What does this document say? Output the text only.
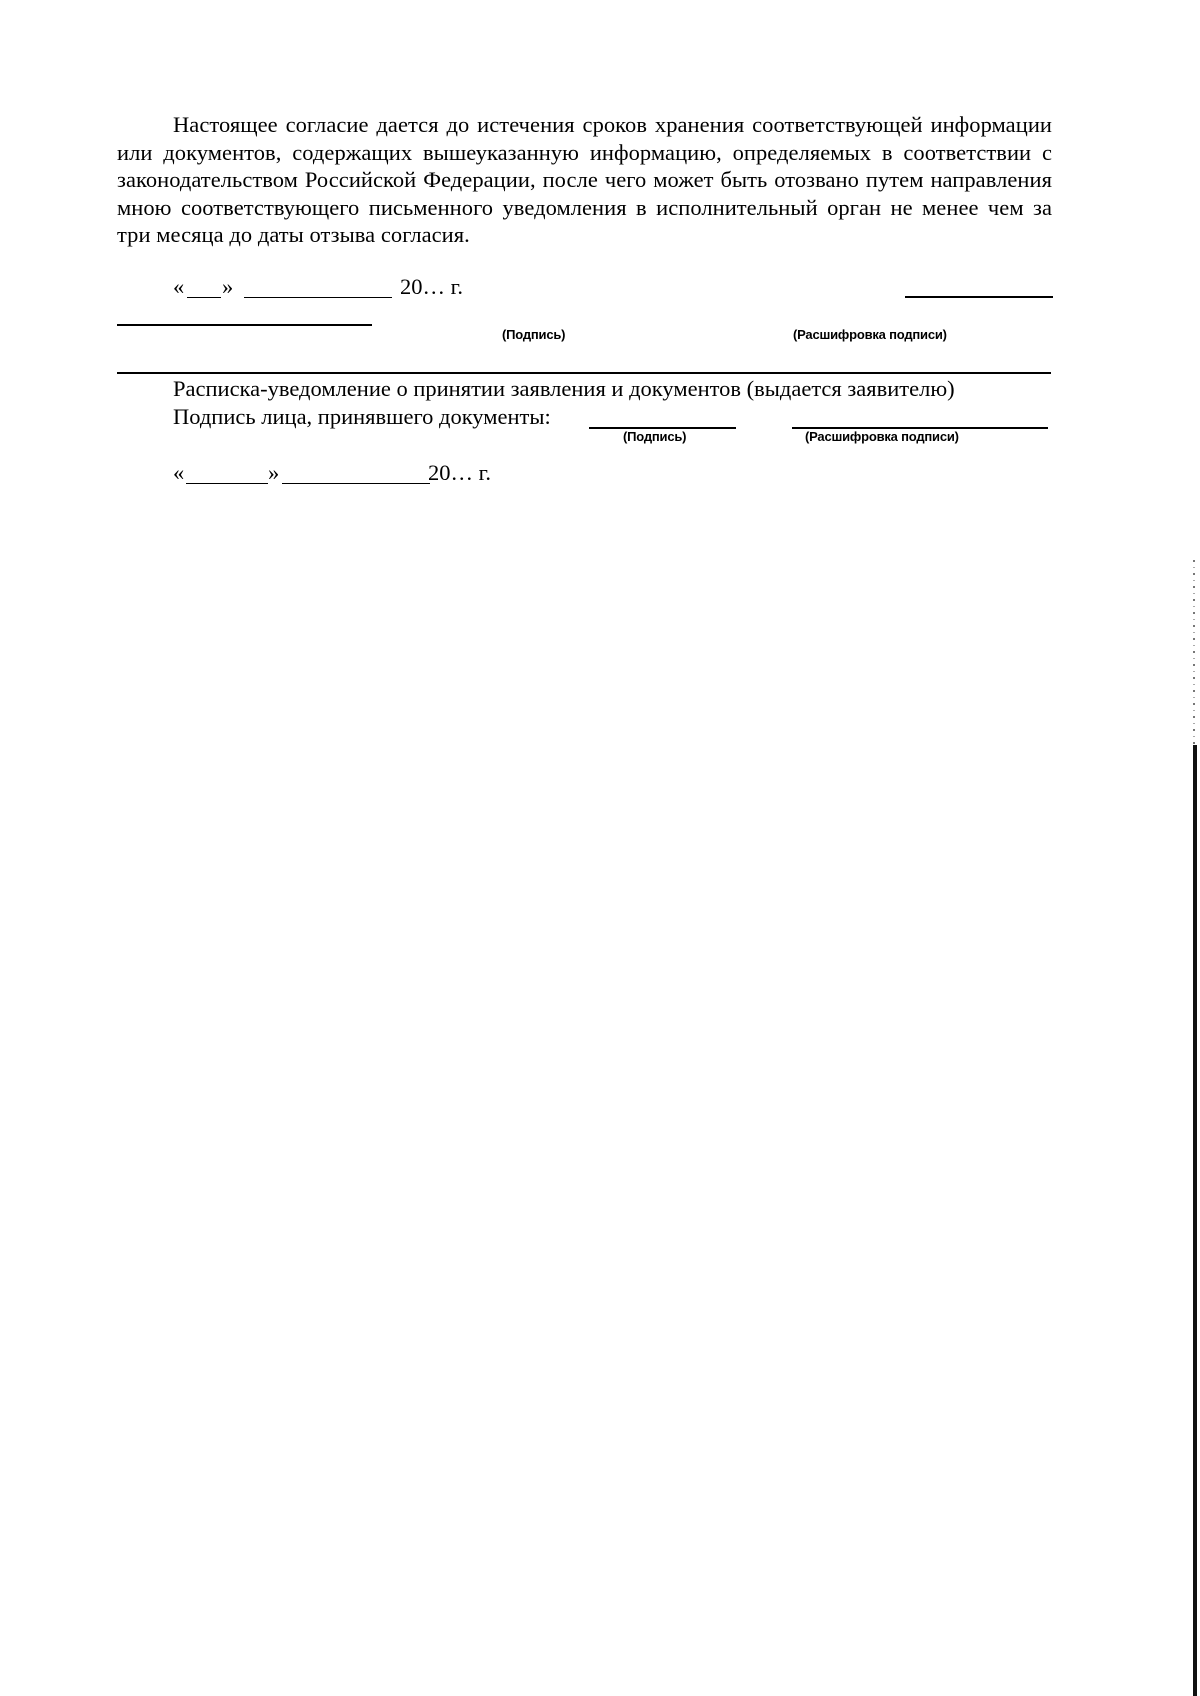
Настоящее согласие дается до истечения сроков хранения соответствующей информации или документов, содержащих вышеуказанную информацию, определяемых в соответствии с законодательством Российской Федерации, после чего может быть отозвано путем направления мною соответствующего письменного уведомления в исполнительный орган не менее чем за три месяца до даты отзыва согласия.

« »	20… г.
(Подпись)	(Расшифровка подписи)
Расписка-уведомление о принятии заявления и документов (выдается заявителю)
Подпись лица, принявшего документы:
(Подпись)	(Расшифровка подписи)
«	»	20… г.
